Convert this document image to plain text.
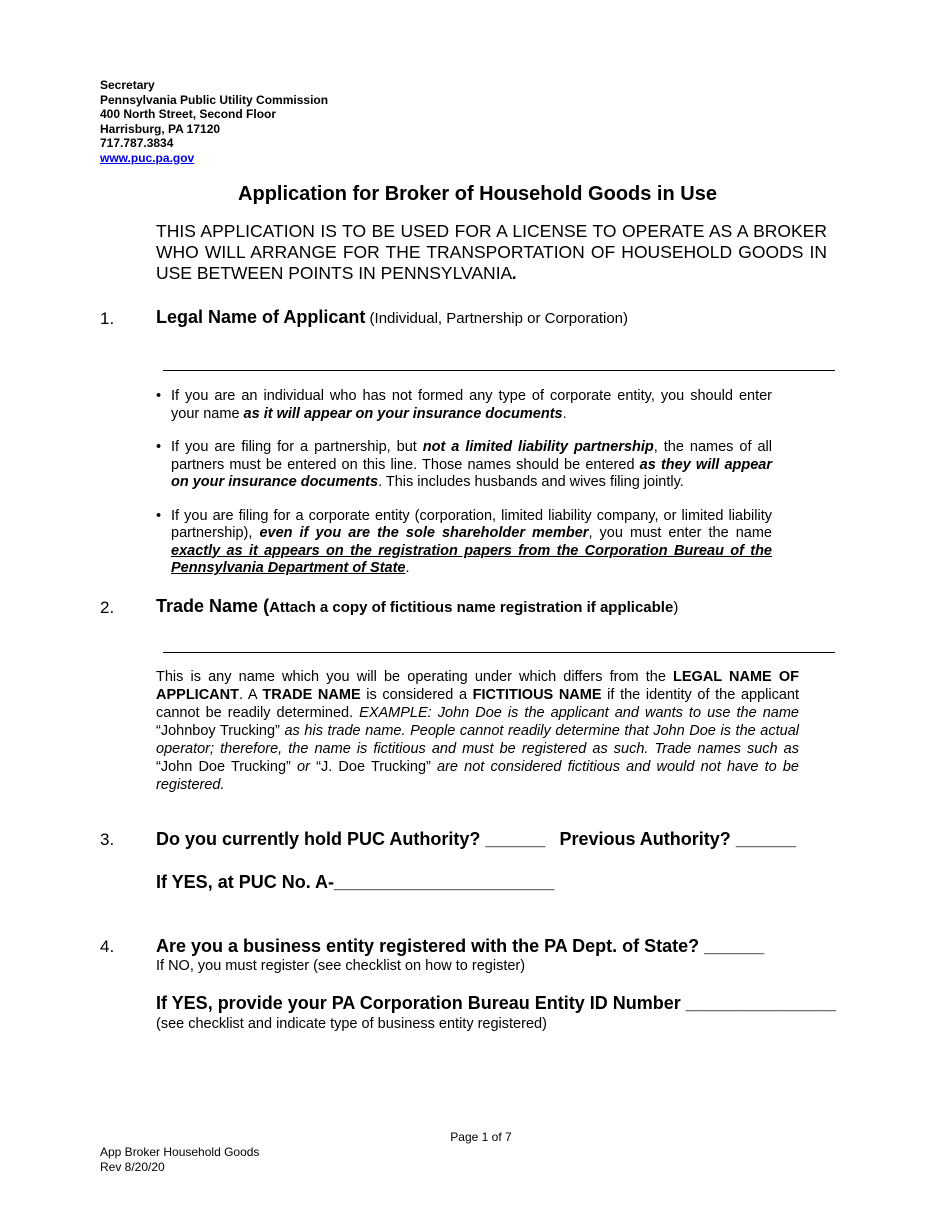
Secretary
Pennsylvania Public Utility Commission
400 North Street, Second Floor
Harrisburg, PA 17120
717.787.3834
www.puc.pa.gov
Application for Broker of Household Goods in Use
THIS APPLICATION IS TO BE USED FOR A LICENSE TO OPERATE AS A BROKER WHO WILL ARRANGE FOR THE TRANSPORTATION OF HOUSEHOLD GOODS IN USE BETWEEN POINTS IN PENNSYLVANIA.
1. Legal Name of Applicant (Individual, Partnership or Corporation)
• If you are an individual who has not formed any type of corporate entity, you should enter your name as it will appear on your insurance documents.
• If you are filing for a partnership, but not a limited liability partnership, the names of all partners must be entered on this line. Those names should be entered as they will appear on your insurance documents. This includes husbands and wives filing jointly.
• If you are filing for a corporate entity (corporation, limited liability company, or limited liability partnership), even if you are the sole shareholder member, you must enter the name exactly as it appears on the registration papers from the Corporation Bureau of the Pennsylvania Department of State.
2. Trade Name (Attach a copy of fictitious name registration if applicable)
This is any name which you will be operating under which differs from the LEGAL NAME OF APPLICANT. A TRADE NAME is considered a FICTITIOUS NAME if the identity of the applicant cannot be readily determined. EXAMPLE: John Doe is the applicant and wants to use the name “Johnboy Trucking” as his trade name. People cannot readily determine that John Doe is the actual operator; therefore, the name is fictitious and must be registered as such. Trade names such as “John Doe Trucking” or “J. Doe Trucking” are not considered fictitious and would not have to be registered.
3. Do you currently hold PUC Authority? ______ Previous Authority? ______
If YES, at PUC No. A-______________________
4. Are you a business entity registered with the PA Dept. of State? ______
If NO, you must register (see checklist on how to register)
If YES, provide your PA Corporation Bureau Entity ID Number _______________
(see checklist and indicate type of business entity registered)
Page 1 of 7
App Broker Household Goods
Rev 8/20/20
